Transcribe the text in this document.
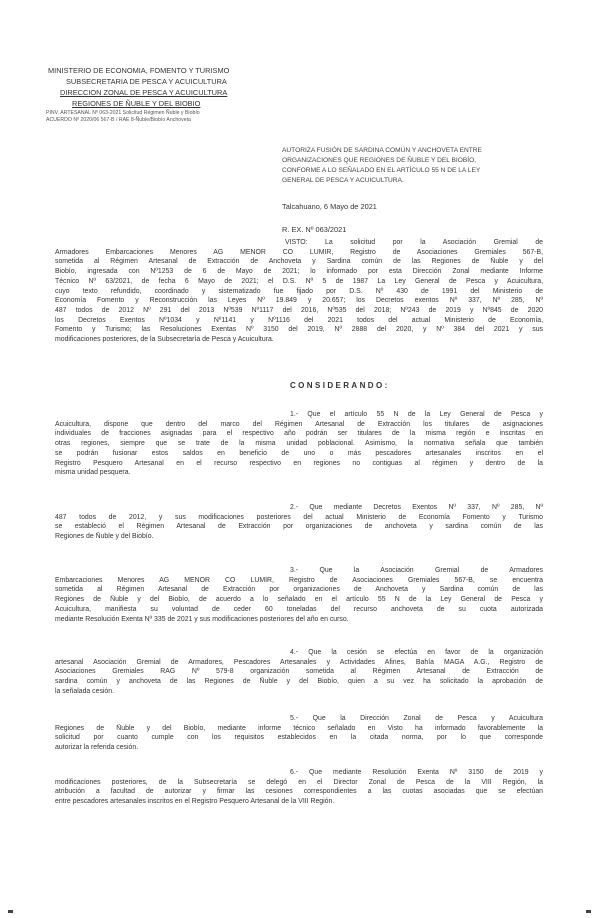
MINISTERIO DE ECONOMIA, FOMENTO Y TURISMO
SUBSECRETARIA DE PESCA Y ACUICULTURA
DIRECCION ZONAL DE PESCA Y ACUICULTURA
REGIONES DE ÑUBLE Y DEL BIOBIO
PINV. ARTESANAL Nº 063-2021 Solicitud Régimen Ñuble y Biobío
ACUERDO Nº 2020/06 567-B / RAE 8-Ñuble/Biobío Anchoveta
AUTORIZA FUSIÓN DE SARDINA COMÚN Y ANCHOVETA ENTRE
ORGANIZACIONES QUE REGIONES DE ÑUBLE Y DEL BIOBÍO,
CONFORME A LO SEÑALADO EN EL ARTÍCULO 55 N DE LA LEY
GENERAL DE PESCA Y ACUICULTURA.
Talcahuano, 6 Mayo de 2021
R. EX. Nº 063/2021
VISTO: La solicitud por la Asociación Gremial de
Armadores Embarcaciones Menores AG MENOR CO LUMIR, Registro de Asociaciones Gremiales 567-B,
sometida al Régimen Artesanal de Extracción de Anchoveta y Sardina común de las Regiones de Ñuble y del
Biobío, ingresada con Nº1253 de 6 de Mayo de 2021; lo informado por esta Dirección Zonal mediante Informe
Técnico Nº 63/2021, de fecha 6 Mayo de 2021; el D.S. Nº 5 de 1987 La Ley General de Pesca y Acuicultura,
cuyo texto refundido, coordinado y sistematizado fue fijado por D.S. Nº 430 de 1991 del Ministerio de
Economía Fomento y Reconstrucción las Leyes Nº 19.849 y 20.657; los Decretos exentos Nº 337, Nº 285, Nº
487 todos de 2012 Nº 291 del 2013 Nº539 Nº1117 del 2016, Nº535 del 2018; Nº243 de 2019 y Nº845 de 2020
los Decretos Exentos Nº1034 y Nº1141 y Nº1116 del 2021 todos del actual Ministerio de Economía,
Fomento y Turismo; las Resoluciones Exentas Nº 3150 del 2019, Nº 2888 del 2020, y Nº 384 del 2021 y sus
modificaciones posteriores, de la Subsecretaría de Pesca y Acuicultura.
CONSIDERANDO:
1.- Que el artículo 55 N de la Ley General de Pesca y
Acuicultura, dispone que dentro del marco del Régimen Artesanal de Extracción los titulares de asignaciones
individuales de fracciones asignadas para el respectivo año podrán ser titulares de la misma región e inscritas en
otras regiones, siempre que se trate de la misma unidad poblacional. Asimismo, la normativa señala que también
se podrán fusionar estos saldos en beneficio de uno o más pescadores artesanales inscritos en el
Registro Pesquero Artesanal en el recurso respectivo en regiones no contiguas al régimen y dentro de la
misma unidad pesquera.
2.- Que mediante Decretos Exentos Nº 337, Nº 285, Nº
487 todos de 2012, y sus modificaciones posteriores del actual Ministerio de Economía Fomento y Turismo
se estableció el Régimen Artesanal de Extracción por organizaciones de anchoveta y sardina común de las
Regiones de Ñuble y del Biobío.
3.- Que la Asociación Gremial de Armadores
Embarcaciones Menores AG MENOR CO LUMIR, Registro de Asociaciones Gremiales 567-B, se encuentra
sometida al Régimen Artesanal de Extracción por organizaciones de Anchoveta y Sardina común de las
Regiones de Ñuble y del Biobío, de acuerdo a lo señalado en el artículo 55 N de la Ley General de Pesca y
Acuicultura, manifiesta su voluntad de ceder 60 toneladas del recurso anchoveta de su cuota autorizada
mediante Resolución Exenta Nº 335 de 2021 y sus modificaciones posteriores del año en curso.
4.- Que la cesión se efectúa en favor de la organización
artesanal Asociación Gremial de Armadores, Pescadores Artesanales y Actividades Afines, Bahía MAGA A.G., Registro de
Asociaciones Gremiales RAG Nº 579-8 organización sometida al Régimen Artesanal de Extracción de
sardina común y anchoveta de las Regiones de Ñuble y del Biobío, quien a su vez ha solicitado la aprobación de
la señalada cesión.
5.- Que la Dirección Zonal de Pesca y Acuicultura
Regiones de Ñuble y del Biobío, mediante informe técnico señalado en Visto ha informado favorablemente la
solicitud por cuanto cumple con los requisitos establecidos en la citada norma, por lo que corresponde
autorizar la referida cesión.
6.- Que mediante Resolución Exenta Nº 3150 de 2019 y
modificaciones posteriores, de la Subsecretaría se delegó en el Director Zonal de Pesca de la VIII Región, la
atribución a facultad de autorizar y firmar las cesiones correspondientes a las cuotas asociadas que se efectúan
entre pescadores artesanales inscritos en el Registro Pesquero Artesanal de la VIII Región.
